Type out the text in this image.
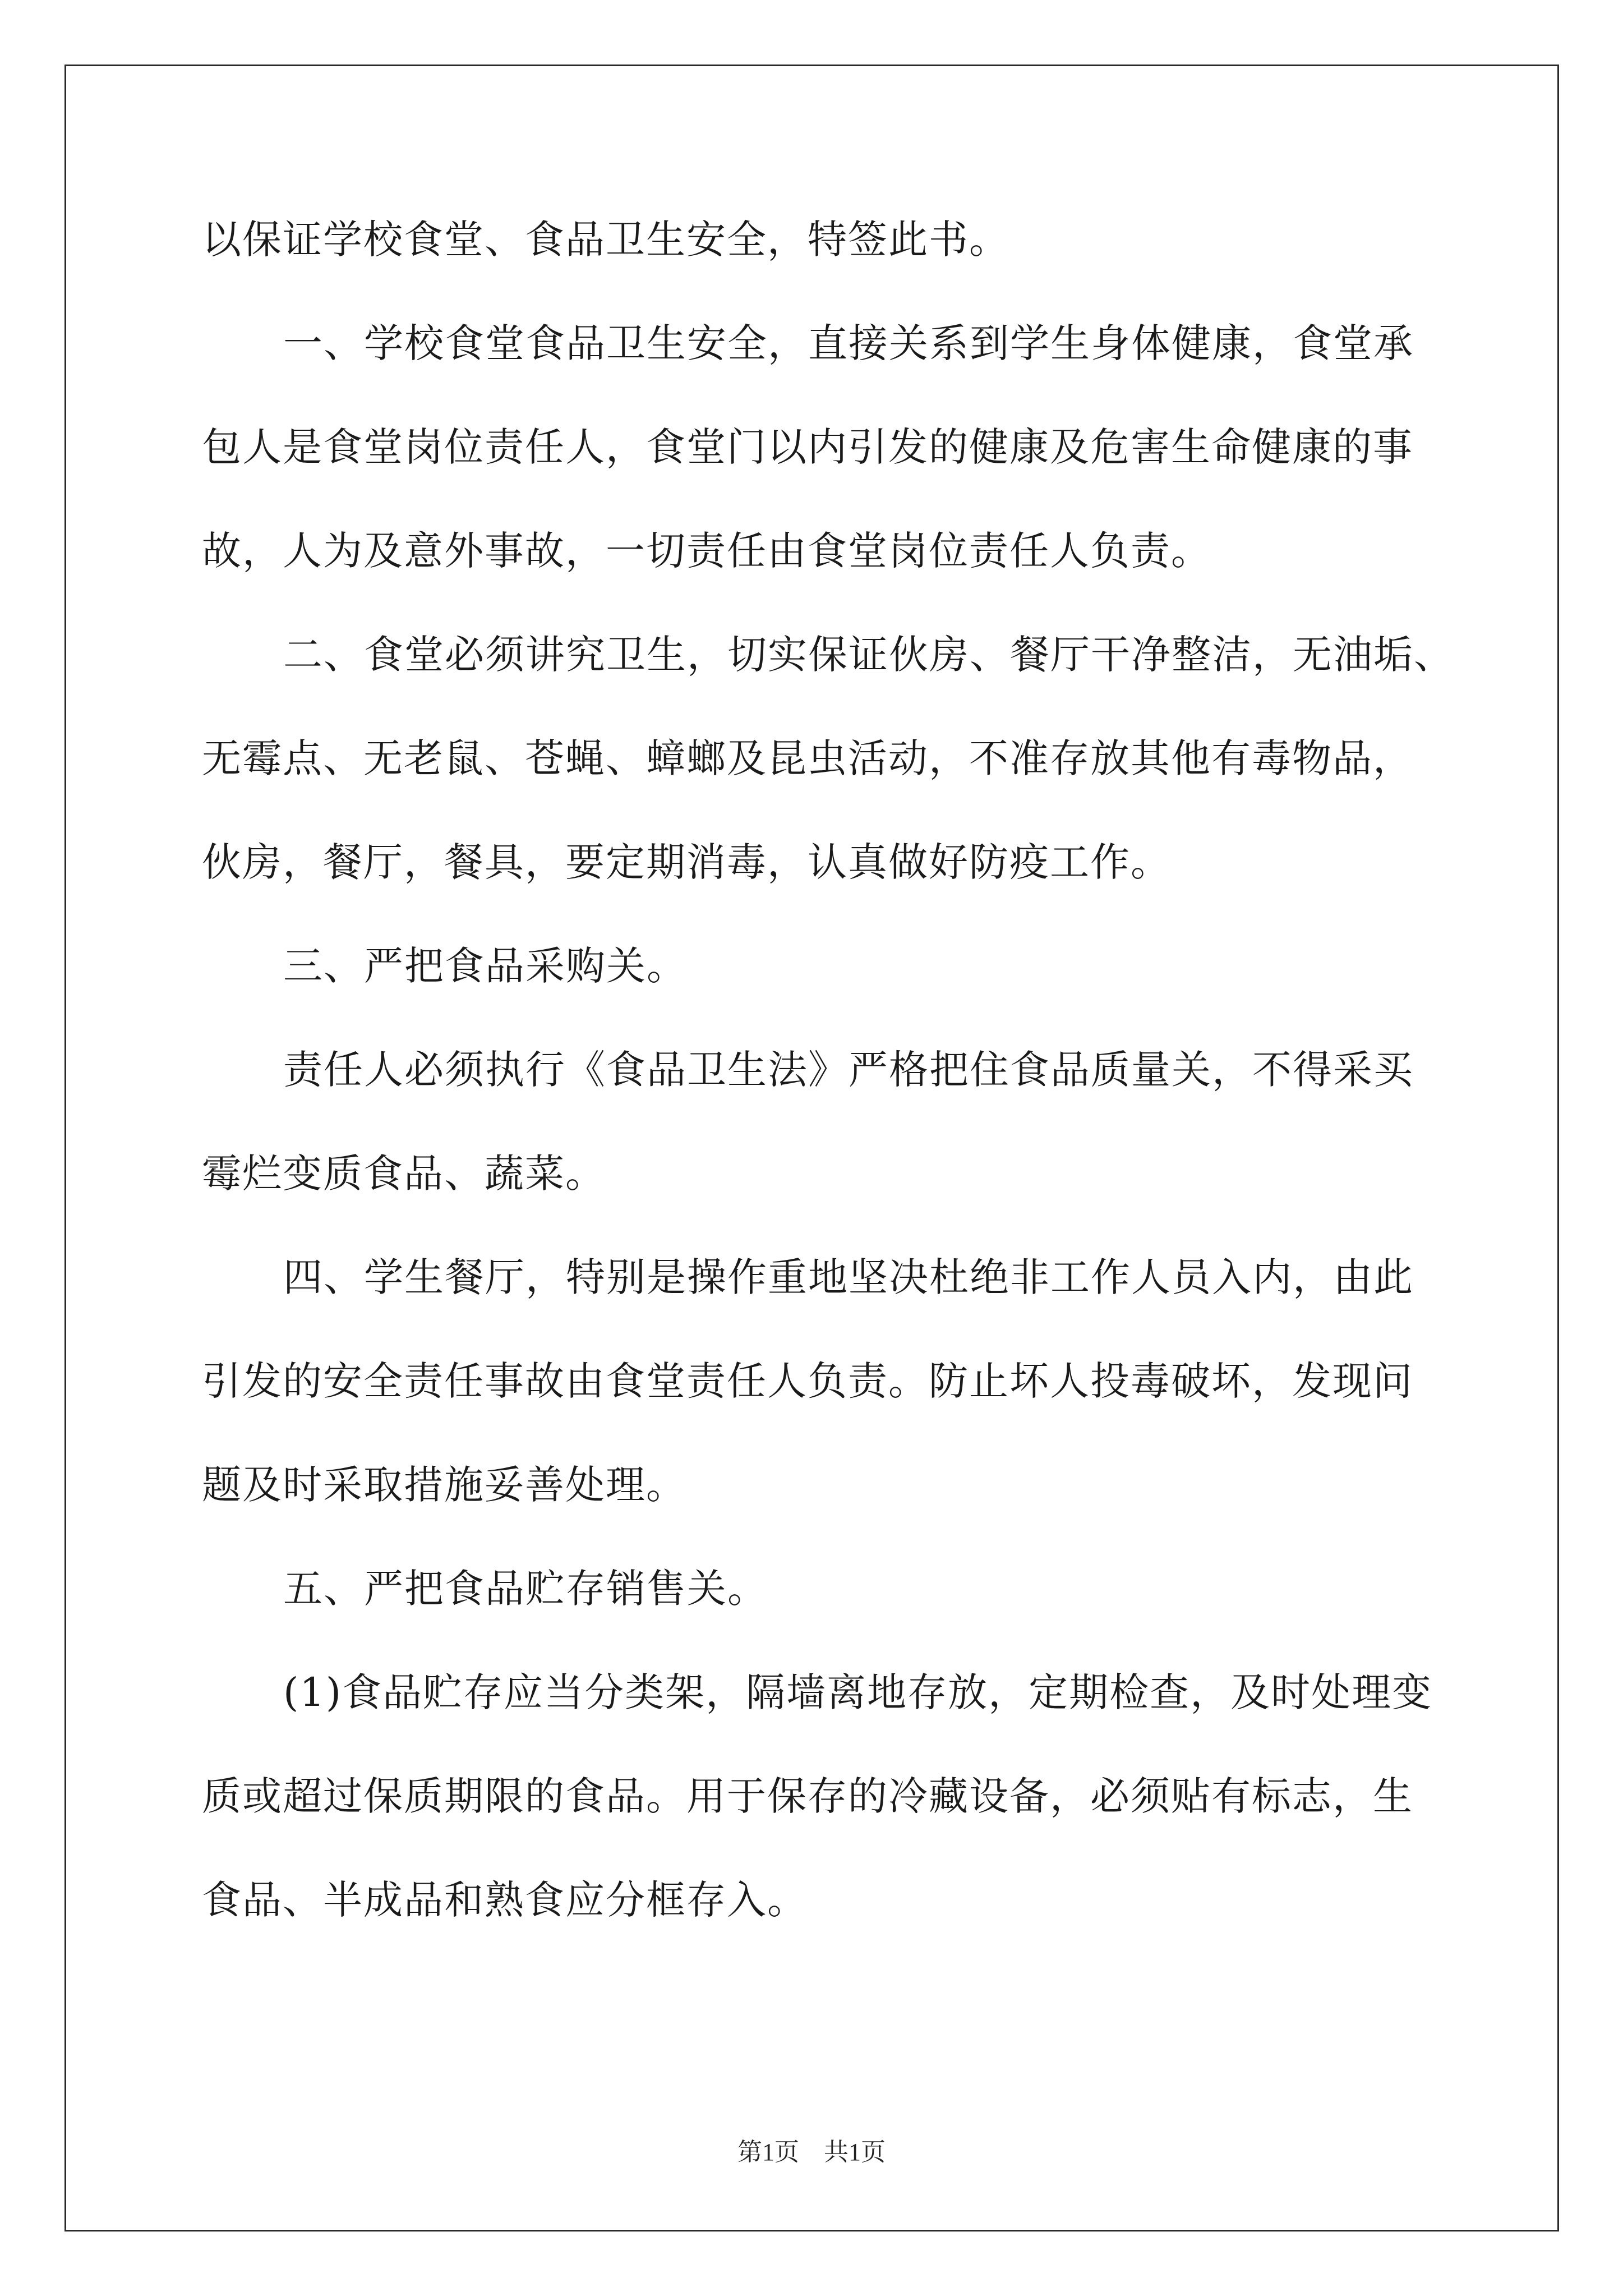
以保证学校食堂、食品卫生安全，特签此书。
一、学校食堂食品卫生安全，直接关系到学生身体健康，食堂承
包人是食堂岗位责任人，食堂门以内引发的健康及危害生命健康的事
故，人为及意外事故，一切责任由食堂岗位责任人负责。
二、食堂必须讲究卫生，切实保证伙房、餐厅干净整洁，无油垢、
无霉点、无老鼠、苍蝇、蟑螂及昆虫活动，不准存放其他有毒物品，
伙房，餐厅，餐具，要定期消毒，认真做好防疫工作。
三、严把食品采购关。
责任人必须执行《食品卫生法》严格把住食品质量关，不得采买
霉烂变质食品、蔬菜。
四、学生餐厅，特别是操作重地坚决杜绝非工作人员入内，由此
引发的安全责任事故由食堂责任人负责。防止坏人投毒破坏，发现问
题及时采取措施妥善处理。
五、严把食品贮存销售关。
(1)食品贮存应当分类架，隔墙离地存放，定期检查，及时处理变
质或超过保质期限的食品。用于保存的冷藏设备，必须贴有标志，生
食品、半成品和熟食应分框存入。
第1页　共1页
